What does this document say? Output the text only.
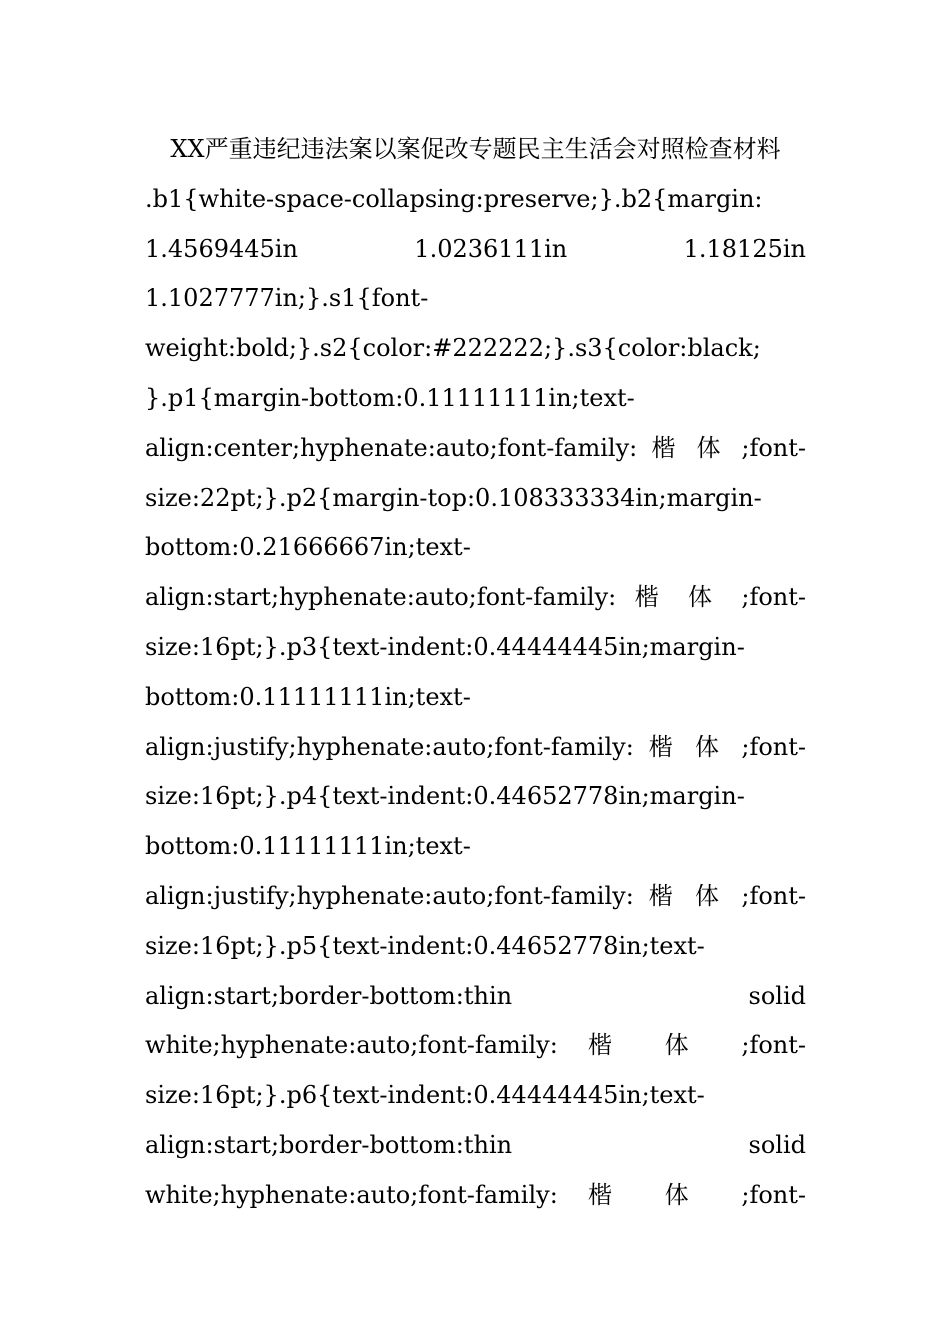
XX严重违纪违法案以案促改专题民主生活会对照检查材料
.b1{white-space-collapsing:preserve;}.b2{margin:
1.4569445in 1.0236111in 1.18125in
1.1027777in;}.s1{font-
weight:bold;}.s2{color:#222222;}.s3{color:black;
}.p1{margin-bottom:0.11111111in;text-
align:center;hyphenate:auto;font-family: 楷 体 ;font-
size:22pt;}.p2{margin-top:0.108333334in;margin-
bottom:0.21666667in;text-
align:start;hyphenate:auto;font-family: 楷 体 ;font-
size:16pt;}.p3{text-indent:0.44444445in;margin-
bottom:0.11111111in;text-
align:justify;hyphenate:auto;font-family: 楷 体 ;font-
size:16pt;}.p4{text-indent:0.44652778in;margin-
bottom:0.11111111in;text-
align:justify;hyphenate:auto;font-family: 楷 体 ;font-
size:16pt;}.p5{text-indent:0.44652778in;text-
align:start;border-bottom:thin solid
white;hyphenate:auto;font-family: 楷 体 ;font-
size:16pt;}.p6{text-indent:0.44444445in;text-
align:start;border-bottom:thin solid
white;hyphenate:auto;font-family: 楷 体 ;font-
